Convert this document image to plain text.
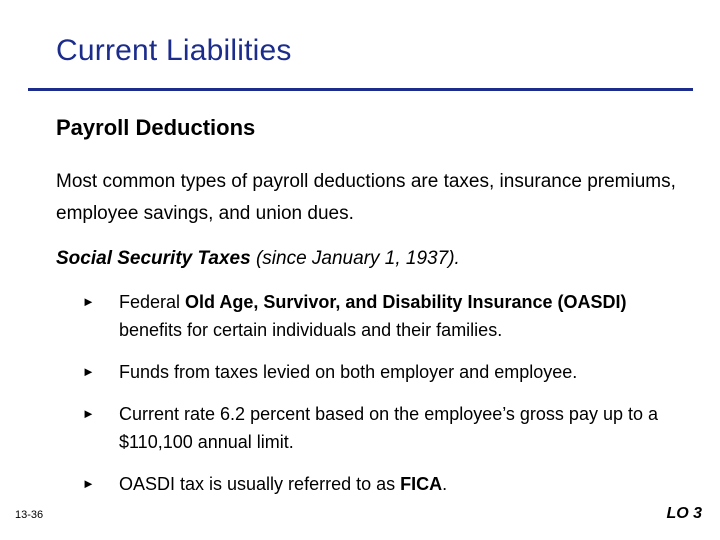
Current Liabilities
Payroll Deductions
Most common types of payroll deductions are taxes, insurance premiums, employee savings, and union dues.
Social Security Taxes (since January 1, 1937).
►	Federal Old Age, Survivor, and Disability Insurance (OASDI) benefits for certain individuals and their families.
►	Funds from taxes levied on both employer and employee.
►	Current rate 6.2 percent based on the employee’s gross pay up to a $110,100 annual limit.
►	OASDI tax is usually referred to as FICA.
13-36	LO 3
